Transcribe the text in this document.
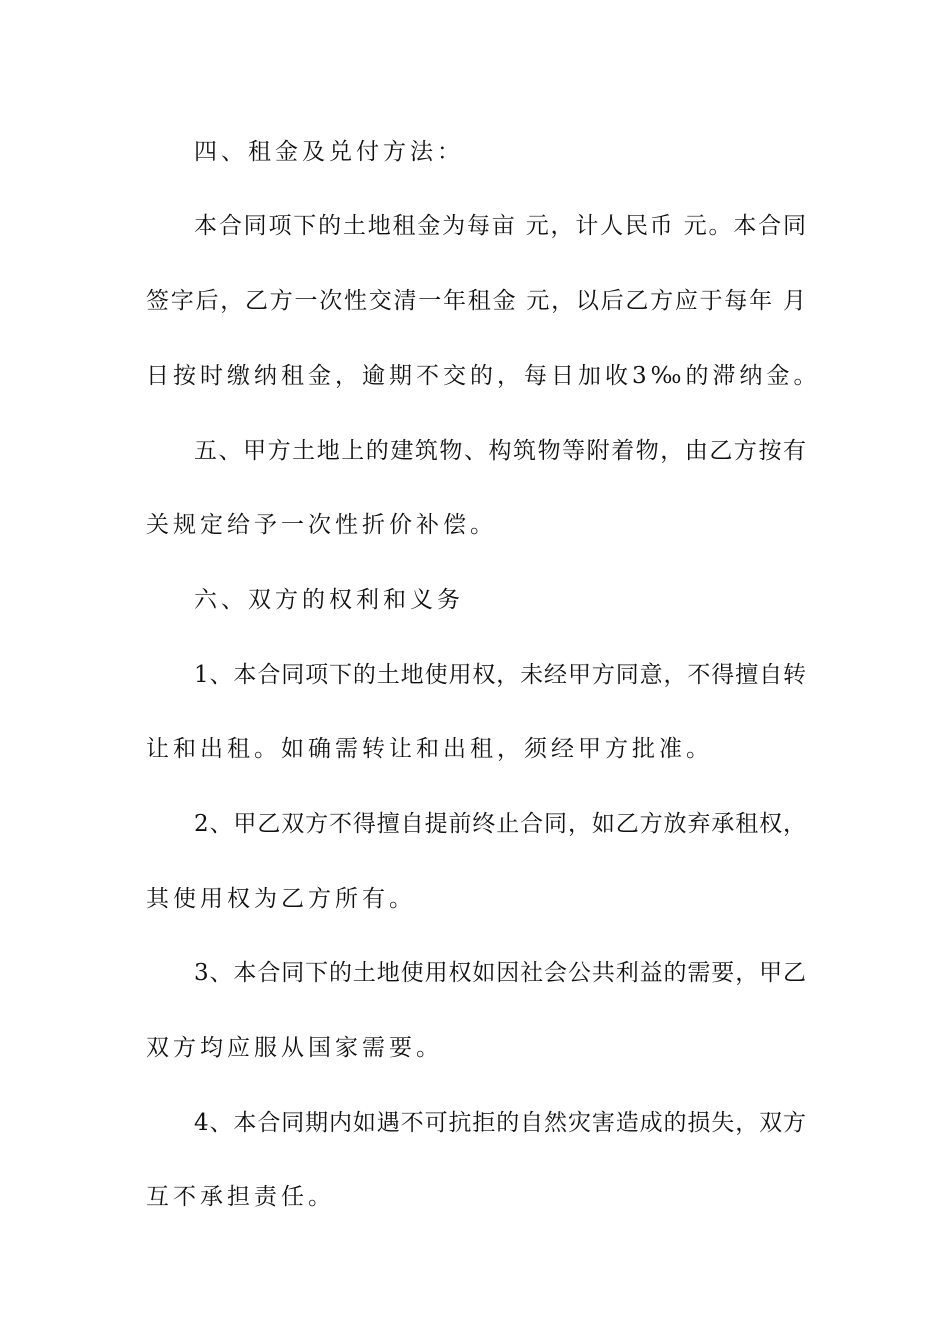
四、租金及兑付方法：
本合同项下的土地租金为每亩 元，计人民币 元。本合同
签字后，乙方一次性交清一年租金 元，以后乙方应于每年 月
日按时缴纳租金，逾期不交的，每日加收3‰的滞纳金。
五、甲方土地上的建筑物、构筑物等附着物，由乙方按有
关规定给予一次性折价补偿。
六、双方的权利和义务
1、本合同项下的土地使用权，未经甲方同意，不得擅自转
让和出租。如确需转让和出租，须经甲方批准。
2、甲乙双方不得擅自提前终止合同，如乙方放弃承租权，
其使用权为乙方所有。
3、本合同下的土地使用权如因社会公共利益的需要，甲乙
双方均应服从国家需要。
4、本合同期内如遇不可抗拒的自然灾害造成的损失，双方
互不承担责任。
